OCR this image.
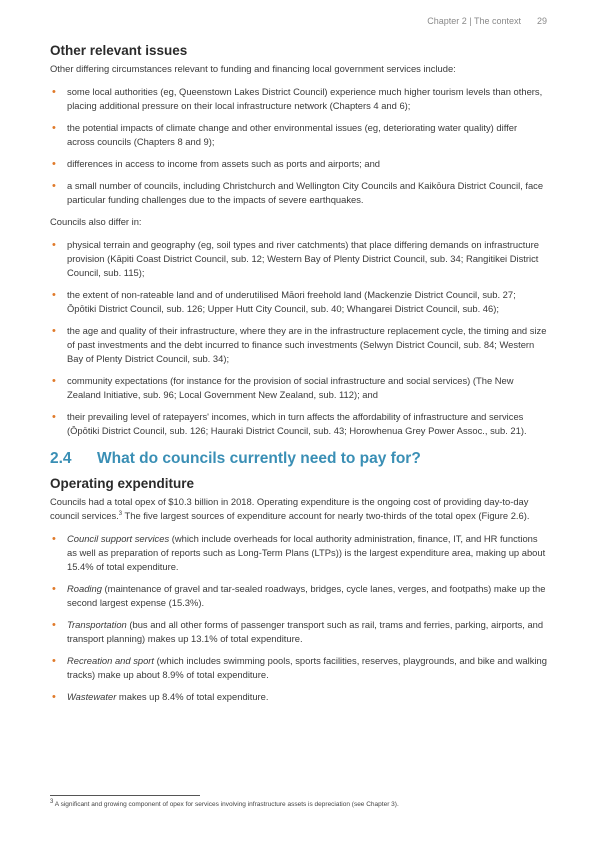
Chapter 2 | The context 29
Other relevant issues

Other differing circumstances relevant to funding and financing local government services include:

• some local authorities (eg, Queenstown Lakes District Council) experience much higher tourism levels than others, placing additional pressure on their local infrastructure network (Chapters 4 and 6);
• the potential impacts of climate change and other environmental issues (eg, deteriorating water quality) differ across councils (Chapters 8 and 9);
• differences in access to income from assets such as ports and airports; and
• a small number of councils, including Christchurch and Wellington City Councils and Kaikōura District Council, face particular funding challenges due to the impacts of severe earthquakes.

Councils also differ in:

• physical terrain and geography (eg, soil types and river catchments) that place differing demands on infrastructure provision (Kāpiti Coast District Council, sub. 12; Western Bay of Plenty District Council, sub. 34; Rangitikei District Council, sub. 115);
• the extent of non-rateable land and of underutilised Māori freehold land (Mackenzie District Council, sub. 27; Ōpōtiki District Council, sub. 126; Upper Hutt City Council, sub. 40; Whangarei District Council, sub. 46);
• the age and quality of their infrastructure, where they are in the infrastructure replacement cycle, the timing and size of past investments and the debt incurred to finance such investments (Selwyn District Council, sub. 84; Western Bay of Plenty District Council, sub. 34);
• community expectations (for instance for the provision of social infrastructure and social services) (The New Zealand Initiative, sub. 96; Local Government New Zealand, sub. 112); and
• their prevailing level of ratepayers' incomes, which in turn affects the affordability of infrastructure and services (Ōpōtiki District Council, sub. 126; Hauraki District Council, sub. 43; Horowhenua Grey Power Assoc., sub. 21).
2.4	What do councils currently need to pay for?
Operating expenditure

Councils had a total opex of $10.3 billion in 2018. Operating expenditure is the ongoing cost of providing day-to-day council services.$^3$ The five largest sources of expenditure account for nearly two-thirds of the total opex (Figure 2.6).

• Council support services (which include overheads for local authority administration, finance, IT, and HR functions as well as preparation of reports such as Long-Term Plans (LTPs)) is the largest expenditure area, making up about 15.4% of total expenditure.
• Roading (maintenance of gravel and tar-sealed roadways, bridges, cycle lanes, verges, and footpaths) make up the second largest expense (15.3%).
• Transportation (bus and all other forms of passenger transport such as rail, trams and ferries, parking, airports, and transport planning) makes up 13.1% of total expenditure.
• Recreation and sport (which includes swimming pools, sports facilities, reserves, playgrounds, and bike and walking tracks) make up about 8.9% of total expenditure.
• Wastewater makes up 8.4% of total expenditure.
$^3$ A significant and growing component of opex for services involving infrastructure assets is depreciation (see Chapter 3).
